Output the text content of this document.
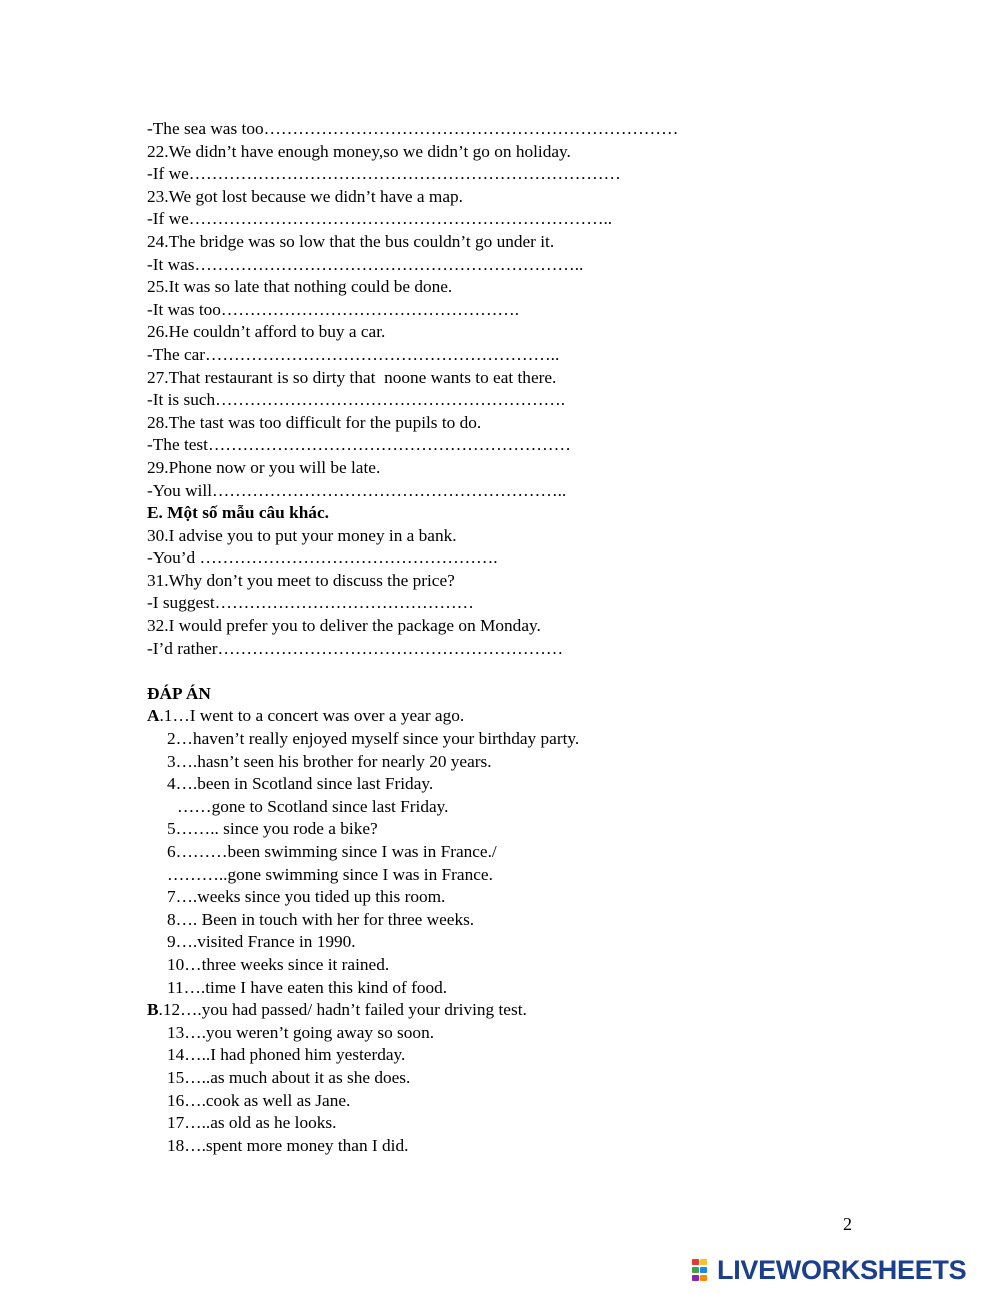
-The sea was too………………………………………………………………
22.We didn’t have enough money,so we didn’t go on holiday.
-If we…………………………………………………………………
23.We got lost because we didn’t have a map.
-If we………………………………………………………………..
24.The bridge was so low that the bus couldn’t go under it.
-It was…………………………………………………………..
25.It was so late that nothing could be done.
-It was too…………………………………………….
26.He couldn’t afford to buy a car.
-The car……………………………………………………..
27.That restaurant is so dirty that  noone wants to eat there.
-It is such…………………………………………………….
28.The tast was too difficult for the pupils to do.
-The test………………………………………………………
29.Phone now or you will be late.
-You will……………………………………………………..
E. Một số mẫu câu khác.
30.I advise you to put your money in a bank.
-You’d …………………………………………….
31.Why don’t you meet to discuss the price?
-I suggest………………………………………
32.I would prefer you to deliver the package on Monday.
-I’d rather……………………………………………………
ĐÁP ÁN
A.1…I went to a concert was over a year ago.
2…haven’t really enjoyed myself since your birthday party.
3….hasn’t seen his brother for nearly 20 years.
4….been in Scotland since last Friday.
……gone to Scotland since last Friday.
5…….. since you rode a bike?
6………been swimming since I was in France./
………..gone swimming since I was in France.
7….weeks since you tided up this room.
8…. Been in touch with her for three weeks.
9….visited France in 1990.
10…three weeks since it rained.
11….time I have eaten this kind of food.
B.12….you had passed/ hadn’t failed your driving test.
13….you weren’t going away so soon.
14…..I had phoned him yesterday.
15…..as much about it as she does.
16….cook as well as Jane.
17…..as old as he looks.
18….spent more money than I did.
2
LIVEWORKSHEETS
